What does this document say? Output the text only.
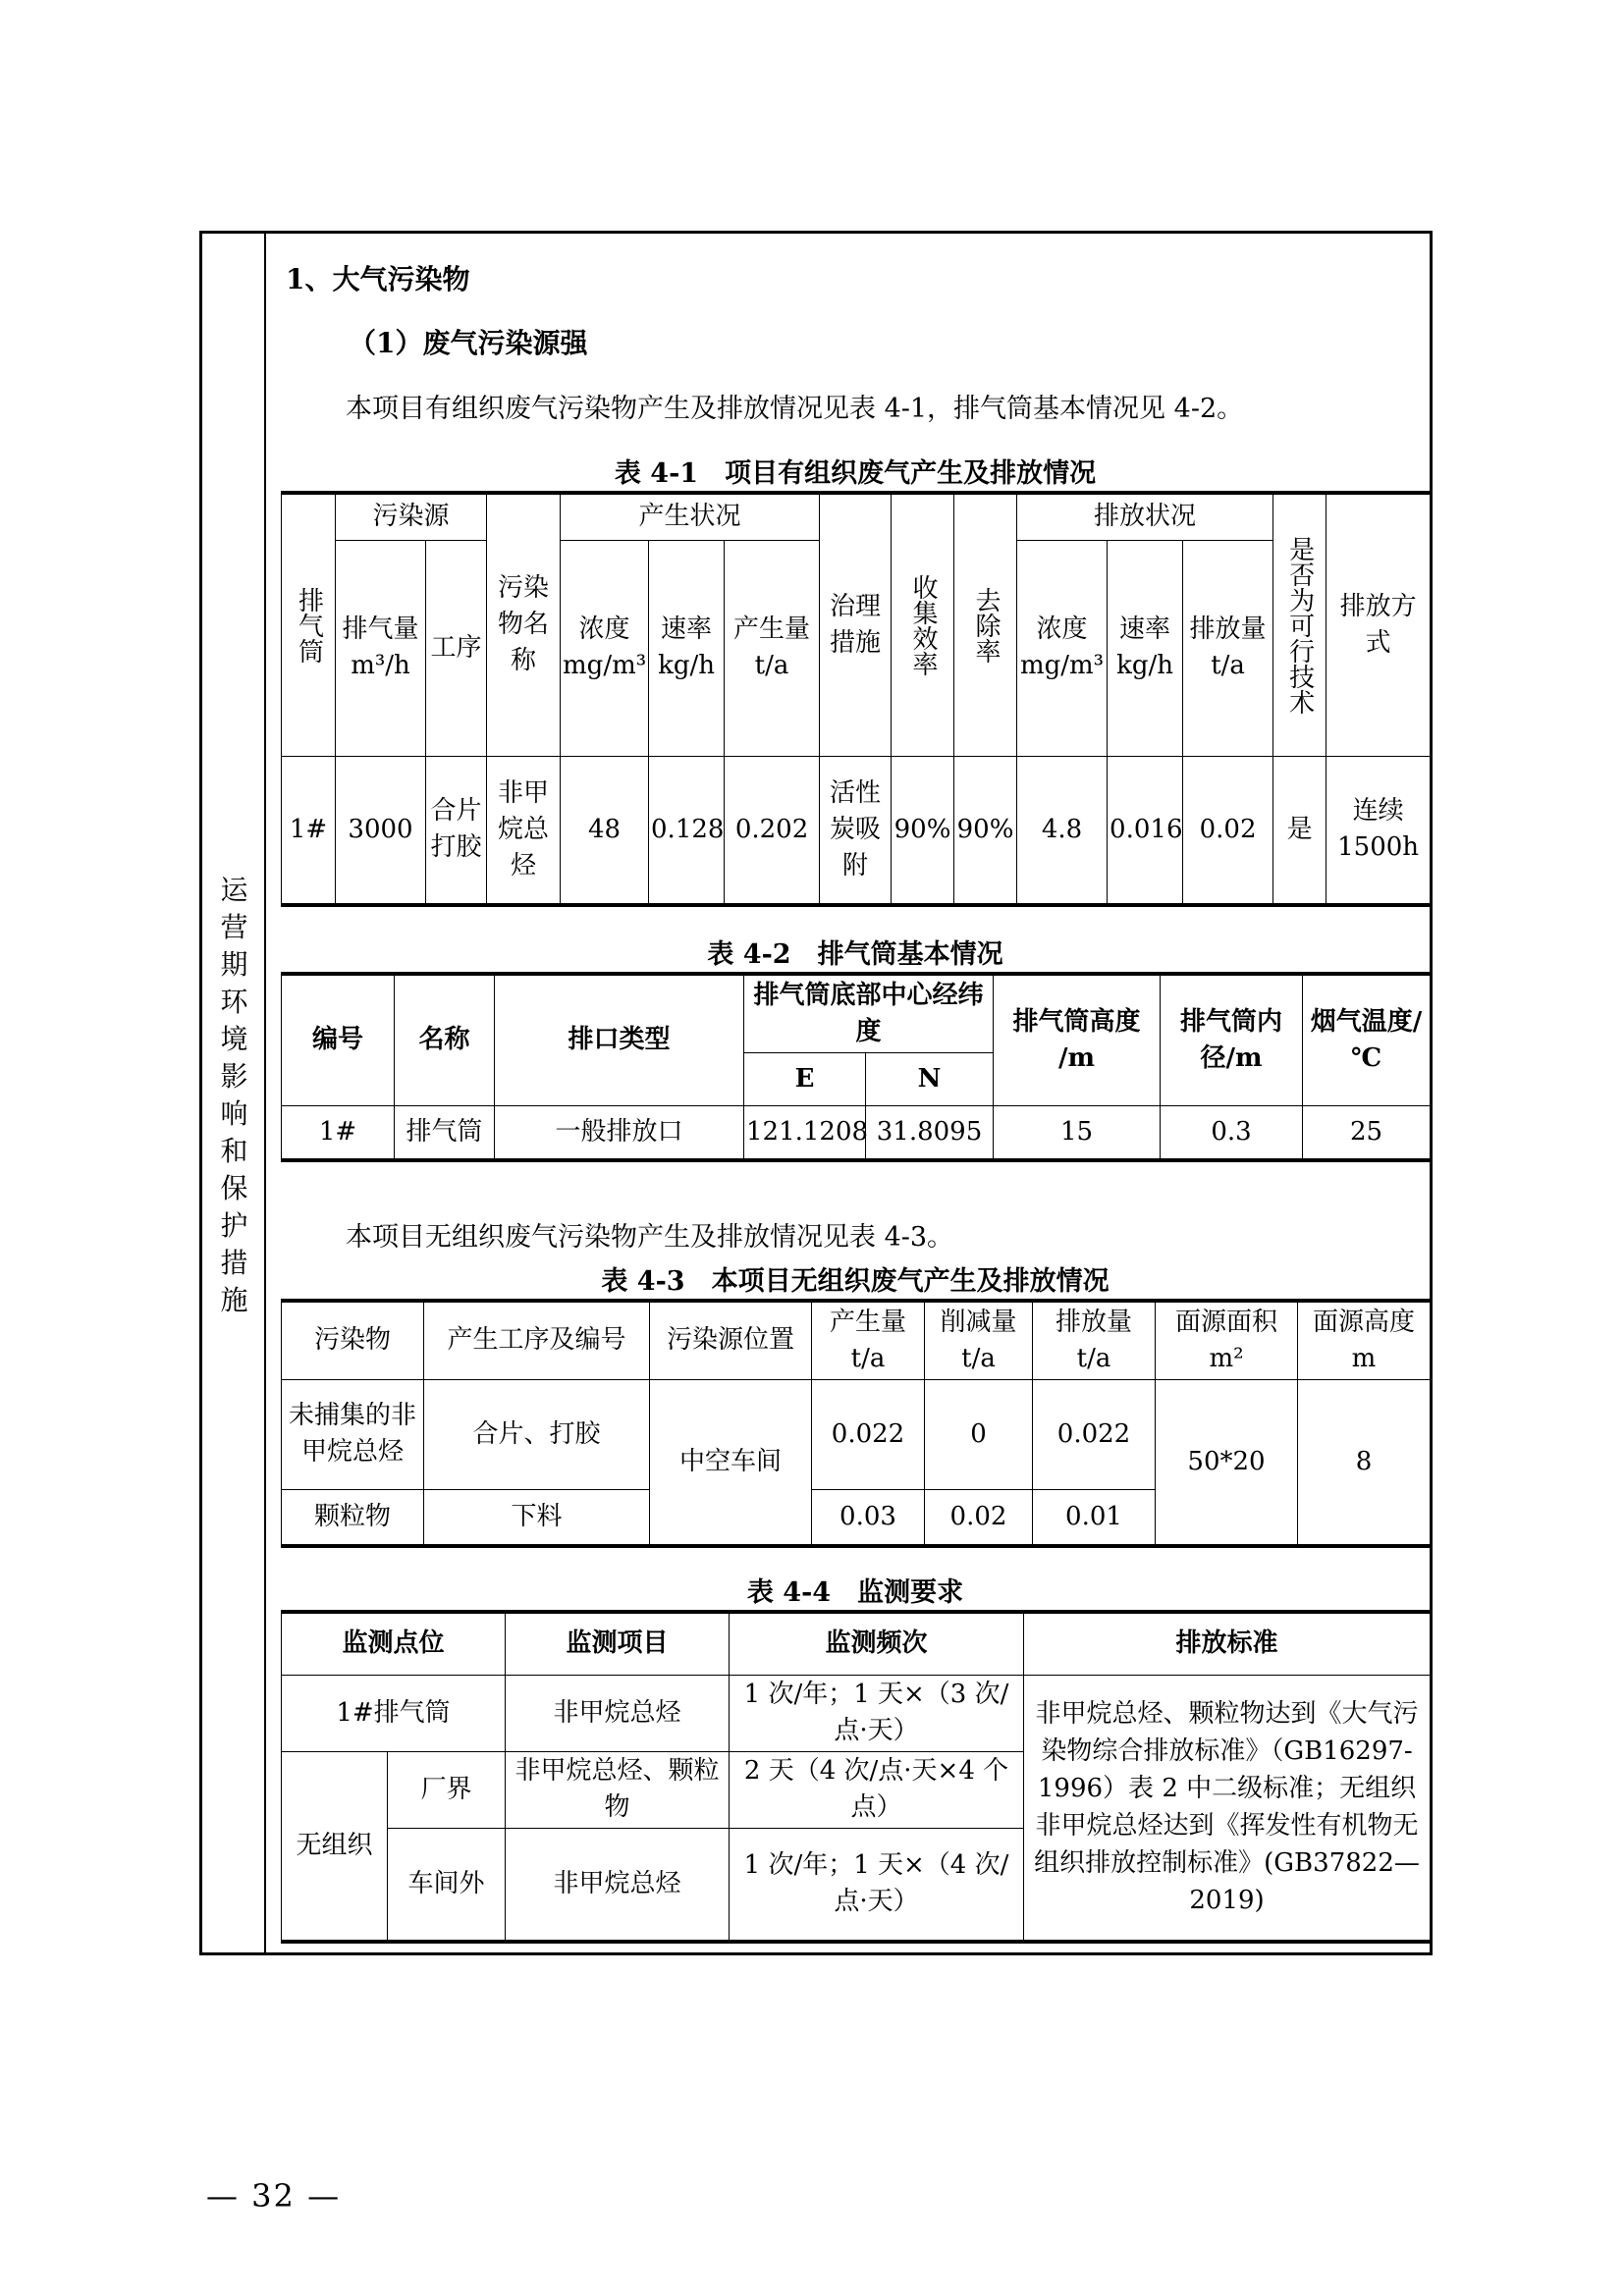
运
营
期
环
境
影
响
和
保
护
措
施
1、大气污染物
（1）废气污染源强
本项目有组织废气污染物产生及排放情况见表 4-1，排气筒基本情况见 4-2。
表 4-1　项目有组织废气产生及排放情况
排气筒	污染源		污染物名称	产生状况			治理措施	收集效率	去除率	排放状况			是否为可行技术	排放方式
	排气量 m³/h	工序		浓度 mg/m³	速率 kg/h	产生量 t/a				浓度 mg/m³	速率 kg/h	排放量 t/a		
1#	3000	合片打胶	非甲烷总烃	48	0.128	0.202	活性炭吸附	90%	90%	4.8	0.016	0.02	是	连续 1500h
表 4-2　排气筒基本情况
编号	名称	排口类型	排气筒底部中心经纬度		排气筒高度 /m	排气筒内径/m	烟气温度/℃
			E	N			
1#	排气筒	一般排放口	121.1208	31.8095	15	0.3	25
本项目无组织废气污染物产生及排放情况见表 4-3。
表 4-3　本项目无组织废气产生及排放情况
污染物	产生工序及编号	污染源位置	产生量 t/a	削减量 t/a	排放量 t/a	面源面积 m²	面源高度 m
未捕集的非甲烷总烃	合片、打胶	中空车间	0.022	0	0.022	50*20	8
颗粒物	下料		0.03	0.02	0.01		
表 4-4　监测要求
监测点位		监测项目	监测频次	排放标准
1#排气筒		非甲烷总烃	1 次/年；1 天×（3 次/点·天）	非甲烷总烃、颗粒物达到《大气污染物综合排放标准》（GB16297-1996）表 2 中二级标准；无组织非甲烷总烃达到《挥发性有机物无组织排放控制标准》(GB37822—2019)
无组织	厂界	非甲烷总烃、颗粒物	2 天（4 次/点·天×4 个点）	
	车间外	非甲烷总烃	1 次/年；1 天×（4 次/点·天）	
— 32 —
